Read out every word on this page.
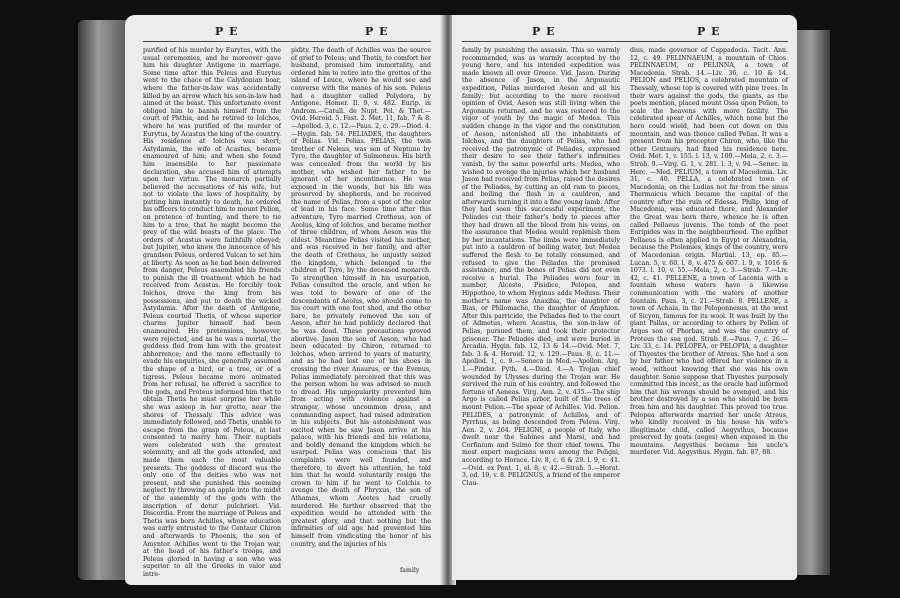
P E	P E
purified of his murder by Eurytus, with the usual ceremonies, and he moreover gave him his daughter Antigone in marriage. Some time after this Peleus and Eurytus went to the chace of the Calydonian boar, where the father-in-law was accidentally killed by an arrow which his son-in-law had aimed at the beast. This unfortunate event obliged him to banish himself from the court of Phthia, and he retired to Iolchos, where he was purified of the murder of Eurytus, by Acastus the king of the country. His residence at Iolchos was short; Astydamia, the wife of Acastus, became enamoured of him; and when she found him insensible to her passionate declaration, she accused him of attempts upon her virtue. The monarch partially believed the accusations of his wife, but not to violate the laws of hospitality, by putting him instantly to death, he ordered his officers to conduct him to mount Pelion, on pretence of hunting, and there to tie him to a tree, that he might become the prey of the wild beasts of the place. The orders of Acastus were faithfully obeyed; but Jupiter, who knew the innocence of his grandson Peleus, ordered Vulcan to set him at liberty. As soon as he had been delivered from danger, Peleus assembled his friends to punish the ill treatment which he had received from Acastus. He forcibly took Iolchos, drove the king from his possessions, and put to death the wicked Astydamia. After the death of Antigone, Peleus courted Thetis, of whose superior charms Jupiter himself had been enamoured. His pretensions, however, were rejected, and as he was a mortal, the goddess fled from him with the greatest abhorrence; and the more effectually to evade his enquiries, she generally assumed the shape of a bird, or a tree, or of a tigress. Peleus became more animated from her refusal, he offered a sacrifice to the gods, and Proteus informed him that to obtain Thetis he must surprise her while she was asleep in her grotto, near the shores of Thessaly. This advice was immediately followed, and Thetis, unable to escape from the grasp of Peleus, at last consented to marry him. Their nuptials were celebrated with the greatest solemnity, and all the gods attended, and made them each the most valuable presents. The goddess of discord was the only one of the deities who was not present, and she punished this seeming neglect by throwing an apple into the midst of the assembly of the gods with the inscription of detur pulchriori. Vid. Discordia. From the marriage of Peleus and Thetis was born Achilles, whose education was early entrusted to the Centaur Chiron and afterwards to Phoenix, the son of Amyntor. Achilles went to the Trojan war, at the head of his father's troops, and Peleus gloried in having a son who was superior to all the Greeks in valor and intre-
pidity. The death of Achilles was the source of grief to Peleus; and Thetis, to comfort her husband, promised him immortality, and ordered him to retire into the grottos of the island of Leuce, where he would see and converse with the manes of his son. Peleus had a daughter called Polydora, by Antigone. Homer. Il. 9, v. 482. Eurip. in Androm.—Catull. de Nupt. Pel. & Thet.—Ovid. Heroid. 5. Fast. 2. Met. 11, fab. 7 & 8.—Apollod. 3, c. 12.—Paus. 2, c. 29.—Diod. 4.—Hygin. fab. 54. PELIADES, the daughters of Pelias. Vid. Pelias. PELIAS, the twin brother of Neleus, was son of Neptune by Tyro, the daughter of Salmoneus. His birth was concealed from the world by his mother, who wished her father to be ignorant of her incontinence. He was exposed in the woods, but his life was preserved by shepherds, and he received the name of Pelias, from a spot of the color of lead in his face. Some time after this adventure, Tyro married Cretheus, son of Aeolus, king of Iolchos, and became mother of three children, of whom Aeson was the eldest. Meantime Pelias visited his mother, and was received in her family, and after the death of Cretheus, he unjustly seized the kingdom, which belonged to the children of Tyro, by the deceased monarch. To strengthen himself in his usurpation, Pelias consulted the oracle, and when he was told to beware of one of the descendants of Aeolus, who should come to his court with one foot shod, and the other bare, he privately removed the son of Aeson, after he had publicly declared that he was dead. These precautions proved abortive. Jason the son of Aeson, who had been educated by Chiron, returned to Iolchos, when arrived to years of maturity, and as he had lost one of his shoes in crossing the river Anaurus, or the Evenus, Pelias immediately perceived that this was the person whom he was advised so much to dread. His unpopularity prevented him from acting with violence against a stranger, whose uncommon dress, and commanding aspect, had raised admiration in his subjects. But his astonishment was excited when he saw Jason arrive at his palace, with his friends and his relations, and boldly demand the kingdom which he usurped. Pelias was conscious that his complaints were well founded, and therefore, to divert his attention, he told him that he would voluntarily resign the crown to him if he went to Colchis to avenge the death of Phryxus, the son of Athamas, whom Aeetes had cruelly murdered. He further observed that the expedition would be attended with the greatest glory, and that nothing but the infirmities of old age had prevented him himself from vindicating the honor of his country, and the injuries of his
family
P E	P E
family by punishing the assassin. This so warmly recommended, was as warmly accepted by the young hero, and his intended expedition was made known all over Greece. Vid. Jason. During the absence of Jason, in the Argonautic expedition, Pelias murdered Aeson and all his family; but according to the more received opinion of Ovid, Aeson was still living when the Argonauts returned, and he was restored to the vigor of youth by the magic of Medea. This sudden change in the vigor and the constitution of Aeson, astonished all the inhabitants of Iolchos, and the daughters of Pelias, who had received the patronymic of Peliades, expressed their desire to see their father's infirmities vanish, by the same powerful arts. Medea, who wished to avenge the injuries which her husband Jason had received from Pelias, raised the desires of the Peliades, by cutting an old ram to pieces, and boiling the flesh in a cauldron, and afterwards turning it into a fine young lamb. After they had seen this successful experiment, the Peliades cut their father's body to pieces after they had drawn all the blood from his veins, on the assurance that Medea would replenish them by her incantations. The limbs were immediately put into a cauldron of boiling water, but Medea suffered the flesh to be totally consumed, and refused to give the Peliades the promised assistance, and the bones of Pelias did not even receive a burial. The Peliades were four in number, Alceste, Pisidice, Pelopea, and Hippothoe, to whom Hyginus adds Medusa. Their mother's name was Anaxibia, the daughter of Bias, or Philomache, the daughter of Amphion. After this parricide, the Peliades fled to the court of Admetus, where Acastus, the son-in-law of Pelias, pursued them, and took their protector prisoner. The Peliades died, and were buried in Arcadia. Hygin. fab. 12, 13 & 14.—Ovid. Met. 7, fab. 3 & 4. Heroid. 12, v. 129.—Paus. 8, c. 11.—Apollod. 1, c. 9.—Seneca in Med.—Apollon. Arg. 1.—Pindar. Pyth. 4.—Diod. 4.—A Trojan chief wounded by Ulysses during the Trojan war. He survived the ruin of his country, and followed the fortune of Aeneas. Virg. Aen. 2, v. 435.—The ship Argo is called Pelias arbor, built of the trees of mount Pelion.—The spear of Achilles. Vid. Pelion. PELIDES, a patronymic of Achilles, and of Pyrrhus, as being descended from Peleus. Virg. Aen. 2, v. 264. PELIGNI, a people of Italy, who dwelt near the Sabines and Marsi, and had Corfinium and Sulmo for their chief towns. The most expert magicians were among the Peligni, according to Horace. Liv. 8, c. 6 & 29. l. 9, c. 41.—Ovid. ex Pont. 1, el. 8, v. 42.—Strab. 5.—Horat. 3, od. 19, v. 8. PELIGNUS, a friend of the emperor Clau-
dius, made governor of Cappadocia. Tacit. Ann. 12, c. 49. PELINNAEUM, a mountain of Chios. PELINNAEUM, or PELINNA, a town of Macedonia. Strab. 14.—Liv. 36, c. 10 & 14. PELION and PELIOS, a celebrated mountain of Thessaly, whose top is covered with pine trees. In their wars against the gods, the giants, as the poets mention, placed mount Ossa upon Pelion, to scale the heavens with more facility. The celebrated spear of Achilles, which none but the hero could wield, had been cut down on this mountain, and was thence called Pelias. It was a present from his preceptor Chiron, who, like the other Centaurs, had fixed his residence here. Ovid. Met. 1, v. 155. l. 13, v. 109.—Mela, 2, c. 3.—Strab. 9.—Virg. G. 1, v. 281. l. 3, v. 94.—Senec. in Herc. —Med. PELIUM, a town of Macedonia. Liv. 31, c. 40. PELLA, a celebrated town of Macedonia, on the Ludias not far from the sinus Thermaicus which became the capital of the country after the ruin of Edessa. Philip, king of Macedonia, was educated there, and Alexander the Great was born there, whence he is often called Pellaeus juvenis. The tomb of the poet Euripides was in the neighbourhood. The epithet Pellaeus is often applied to Egypt or Alexandria, because the Ptolemies, kings of the country, were of Macedonian origin. Martial. 13, ep. 85.—Lucan. 5, v. 60. l. 8, v. 475 & 607. l. 9, v. 1016 & 1073. l. 10, v. 55.—Mela, 2, c. 3.—Strab. 7.—Liv. 42, c. 41. PELLENE, a town of Laconia with a fountain whose waters have a likewise communication with the waters of another fountain. Paus. 3, c. 21.—Strab. 8. PELLENE, a town of Achaia, in the Peloponnesus, at the west of Sicyon, famous for its wool. It was built by the giant Pallas, or according to others by Pellen of Argos son of Phorbas, and was the country of Proteus the sea god. Strab. 8.—Paus. 7, c. 26.—Liv. 33, c. 14. PELOPEA, or PELOPIA, a daughter of Thyestes the brother of Atreus. She had a son by her father who had offered her violence in a wood, without knowing that she was his own daughter. Some suppose that Thyestes purposely committed this incest, as the oracle had informed him that his wrongs should be avenged, and his brother destroyed by a son who should be born from him and his daughter. This proved too true. Pelopea afterwards married her uncle Atreus, who kindly received in his house his wife's illegitimate child, called Aegysthus, because preserved by goats (aeges) when exposed in the mountains. Aegysthus became his uncle's murderer. Vid. Aegysthus. Hygin. fab. 87, 88.
